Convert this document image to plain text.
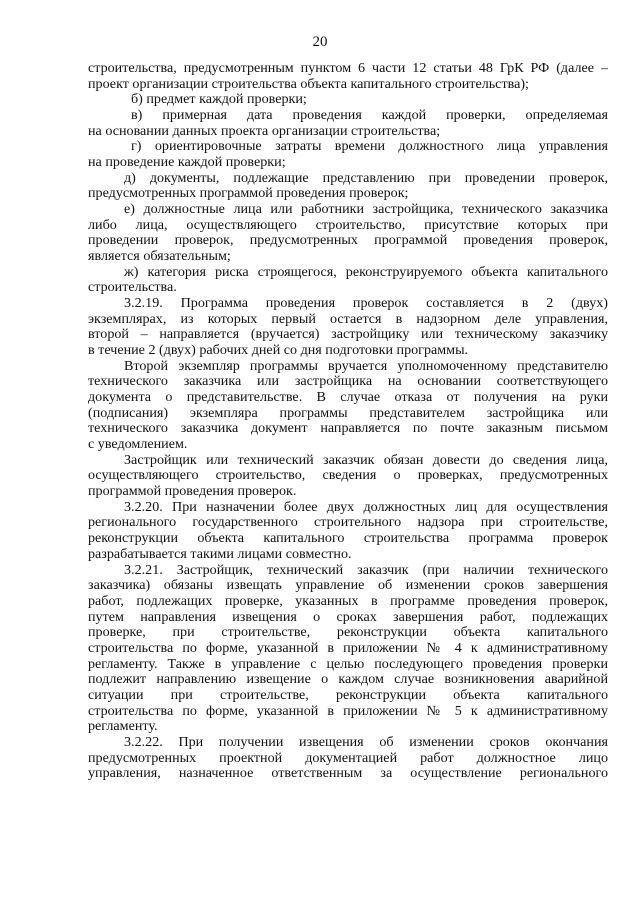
20
строительства, предусмотренным пунктом 6 части 12 статьи 48 ГрК РФ (далее –
проект организации строительства объекта капитального строительства);
б) предмет каждой проверки;
в) примерная дата проведения каждой проверки, определяемая
на основании данных проекта организации строительства;
г) ориентировочные затраты времени должностного лица управления
на проведение каждой проверки;
д) документы, подлежащие представлению при проведении проверок,
предусмотренных программой проведения проверок;
е) должностные лица или работники застройщика, технического заказчика
либо лица, осуществляющего строительство, присутствие которых при
проведении проверок, предусмотренных программой проведения проверок,
является обязательным;
ж) категория риска строящегося, реконструируемого объекта капитального
строительства.
3.2.19. Программа проведения проверок составляется в 2 (двух)
экземплярах, из которых первый остается в надзорном деле управления,
второй – направляется (вручается) застройщику или техническому заказчику
в течение 2 (двух) рабочих дней со дня подготовки программы.
Второй экземпляр программы вручается уполномоченному представителю
технического заказчика или застройщика на основании соответствующего
документа о представительстве. В случае отказа от получения на руки
(подписания) экземпляра программы представителем застройщика или
технического заказчика документ направляется по почте заказным письмом
с уведомлением.
Застройщик или технический заказчик обязан довести до сведения лица,
осуществляющего строительство, сведения о проверках, предусмотренных
программой проведения проверок.
3.2.20. При назначении более двух должностных лиц для осуществления
регионального государственного строительного надзора при строительстве,
реконструкции объекта капитального строительства программа проверок
разрабатывается такими лицами совместно.
3.2.21. Застройщик, технический заказчик (при наличии технического
заказчика) обязаны извещать управление об изменении сроков завершения
работ, подлежащих проверке, указанных в программе проведения проверок,
путем направления извещения о сроках завершения работ, подлежащих
проверке, при строительстве, реконструкции объекта капитального
строительства по форме, указанной в приложении № 4 к административному
регламенту. Также в управление с целью последующего проведения проверки
подлежит направлению извещение о каждом случае возникновения аварийной
ситуации при строительстве, реконструкции объекта капитального
строительства по форме, указанной в приложении № 5 к административному
регламенту.
3.2.22. При получении извещения об изменении сроков окончания
предусмотренных проектной документацией работ должностное лицо
управления, назначенное ответственным за осуществление регионального
